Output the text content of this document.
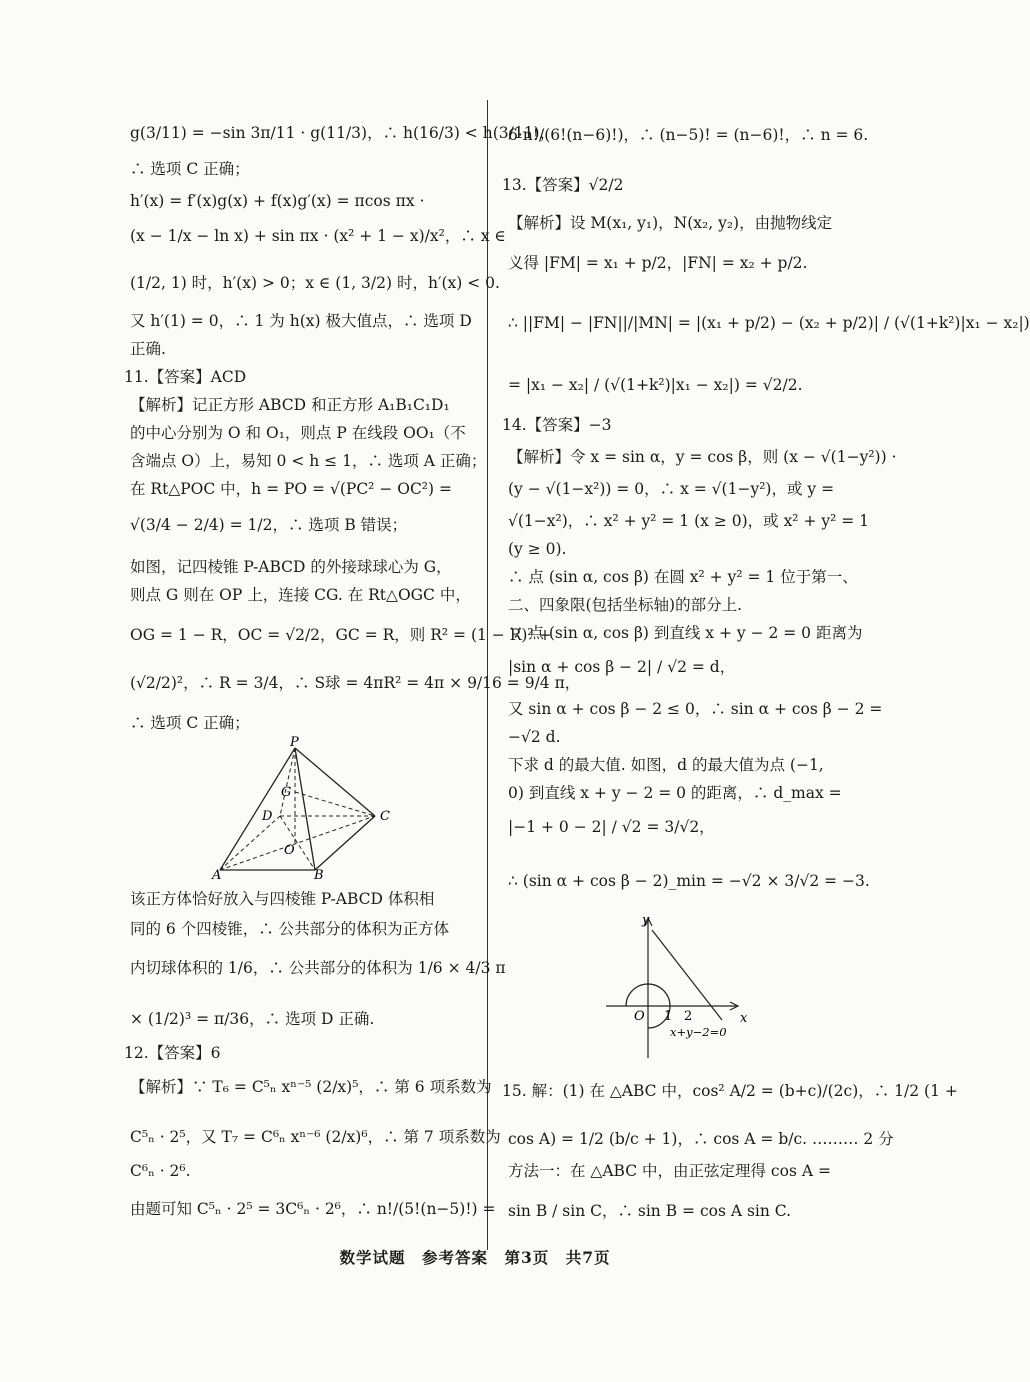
g(3/11) = −sin 3π/11 · g(11/3)，∴ h(16/3) < h(3/11)，
∴ 选项 C 正确；
h′(x) = f′(x)g(x) + f(x)g′(x) = πcos πx ·
(x − 1/x − ln x) + sin πx · (x² + 1 − x)/x²，∴ x ∈
(1/2, 1) 时，h′(x) > 0；x ∈ (1, 3/2) 时，h′(x) < 0.
又 h′(1) = 0，∴ 1 为 h(x) 极大值点，∴ 选项 D
正确.
11.【答案】ACD
【解析】记正方形 ABCD 和正方形 A₁B₁C₁D₁
的中心分别为 O 和 O₁，则点 P 在线段 OO₁（不
含端点 O）上，易知 0 < h ≤ 1，∴ 选项 A 正确；
在 Rt△POC 中，h = PO = √(PC² − OC²) =
√(3/4 − 2/4) = 1/2，∴ 选项 B 错误；
如图，记四棱锥 P-ABCD 的外接球球心为 G，
则点 G 则在 OP 上，连接 CG. 在 Rt△OGC 中，
OG = 1 − R，OC = √2/2，GC = R，则 R² = (1 − R)² +
(√2/2)²，∴ R = 3/4，∴ S球 = 4πR² = 4π × 9/16 = 9/4 π，
∴ 选项 C 正确；
P
G
D	C
O
A	B
该正方体恰好放入与四棱锥 P-ABCD 体积相
同的 6 个四棱锥，∴ 公共部分的体积为正方体
内切球体积的 1/6，∴ 公共部分的体积为 1/6 × 4/3 π
× (1/2)³ = π/36，∴ 选项 D 正确.
12.【答案】6
【解析】∵ T₆ = C⁵ₙ xⁿ⁻⁵ (2/x)⁵，∴ 第 6 项系数为
C⁵ₙ · 2⁵，又 T₇ = C⁶ₙ xⁿ⁻⁶ (2/x)⁶，∴ 第 7 项系数为
C⁶ₙ · 2⁶.
由题可知 C⁵ₙ · 2⁵ = 3C⁶ₙ · 2⁶，∴ n!/(5!(n−5)!) =
6·n!/(6!(n−6)!)，∴ (n−5)! = (n−6)!，∴ n = 6.
13.【答案】√2/2
【解析】设 M(x₁, y₁)，N(x₂, y₂)，由抛物线定
义得 |FM| = x₁ + p/2，|FN| = x₂ + p/2.
∴ ||FM| − |FN||/|MN| = |(x₁ + p/2) − (x₂ + p/2)| / (√(1+k²)|x₁ − x₂|)
= |x₁ − x₂| / (√(1+k²)|x₁ − x₂|) = √2/2.
14.【答案】−3
【解析】令 x = sin α，y = cos β，则 (x − √(1−y²)) ·
(y − √(1−x²)) = 0，∴ x = √(1−y²)，或 y =
√(1−x²)，∴ x² + y² = 1 (x ≥ 0)，或 x² + y² = 1
(y ≥ 0).
∴ 点 (sin α, cos β) 在圆 x² + y² = 1 位于第一、
二、四象限(包括坐标轴)的部分上.
∵ 点 (sin α, cos β) 到直线 x + y − 2 = 0 距离为
|sin α + cos β − 2| / √2 = d，
又 sin α + cos β − 2 ≤ 0，∴ sin α + cos β − 2 =
−√2 d.
下求 d 的最大值. 如图，d 的最大值为点 (−1,
0) 到直线 x + y − 2 = 0 的距离，∴ d_max =
|−1 + 0 − 2| / √2 = 3/√2，
∴ (sin α + cos β − 2)_min = −√2 × 3/√2 = −3.
y
x
O 1 2
x+y−2=0
15. 解：(1) 在 △ABC 中，cos² A/2 = (b+c)/(2c)，∴ 1/2 (1 +
cos A) = 1/2 (b/c + 1)，∴ cos A = b/c. ……… 2 分
方法一：在 △ABC 中，由正弦定理得 cos A =
sin B / sin C，∴ sin B = cos A sin C.
数学试题　参考答案　第3页　共7页
